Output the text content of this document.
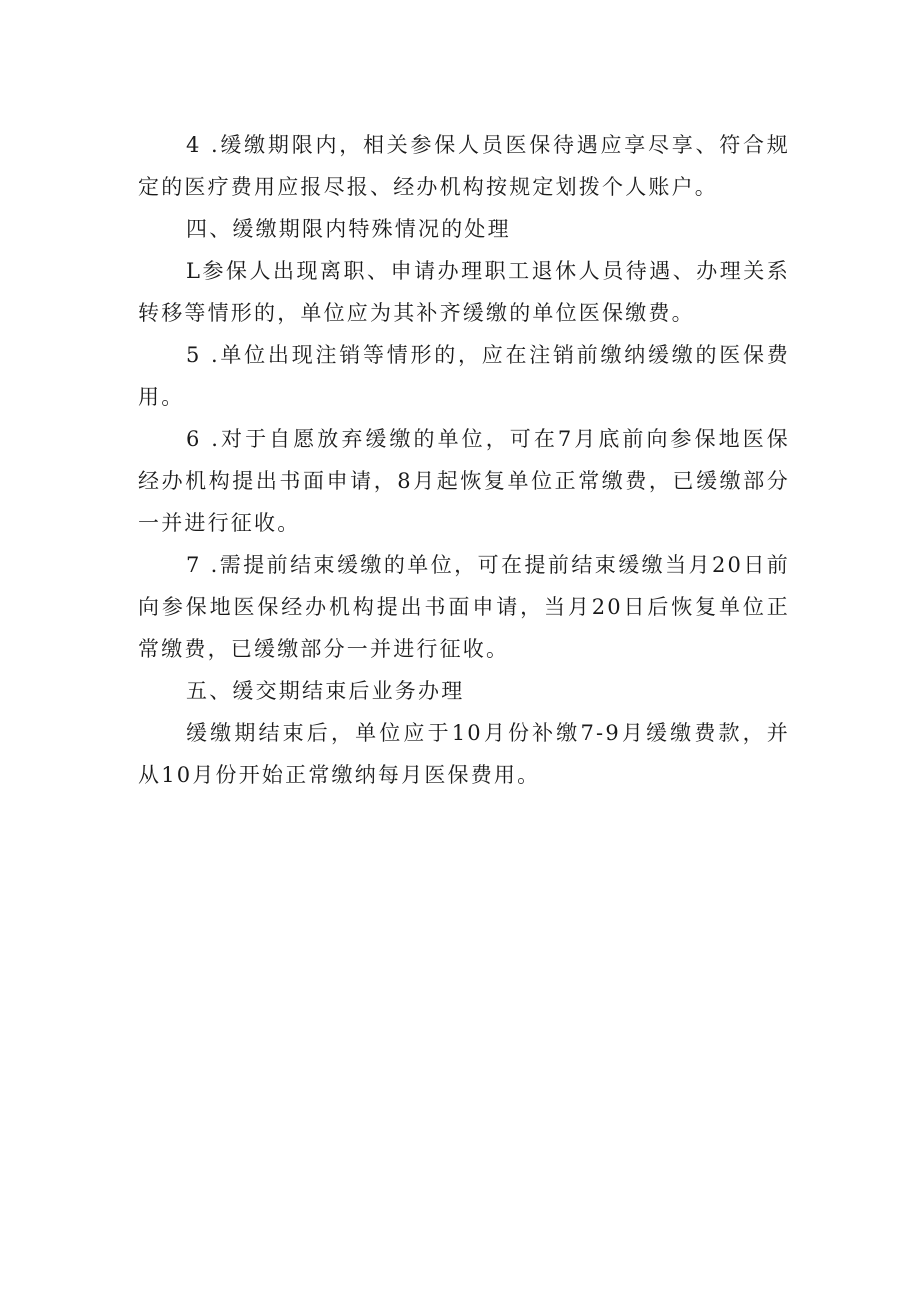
4 .缓缴期限内，相关参保人员医保待遇应享尽享、符合规定的医疗费用应报尽报、经办机构按规定划拨个人账户。

四、缓缴期限内特殊情况的处理

L参保人出现离职、申请办理职工退休人员待遇、办理关系转移等情形的，单位应为其补齐缓缴的单位医保缴费。

5 .单位出现注销等情形的，应在注销前缴纳缓缴的医保费用。

6 .对于自愿放弃缓缴的单位，可在7月底前向参保地医保经办机构提出书面申请，8月起恢复单位正常缴费，已缓缴部分一并进行征收。

7 .需提前结束缓缴的单位，可在提前结束缓缴当月20日前向参保地医保经办机构提出书面申请，当月20日后恢复单位正常缴费，已缓缴部分一并进行征收。

五、缓交期结束后业务办理

缓缴期结束后，单位应于10月份补缴7-9月缓缴费款，并从10月份开始正常缴纳每月医保费用。
